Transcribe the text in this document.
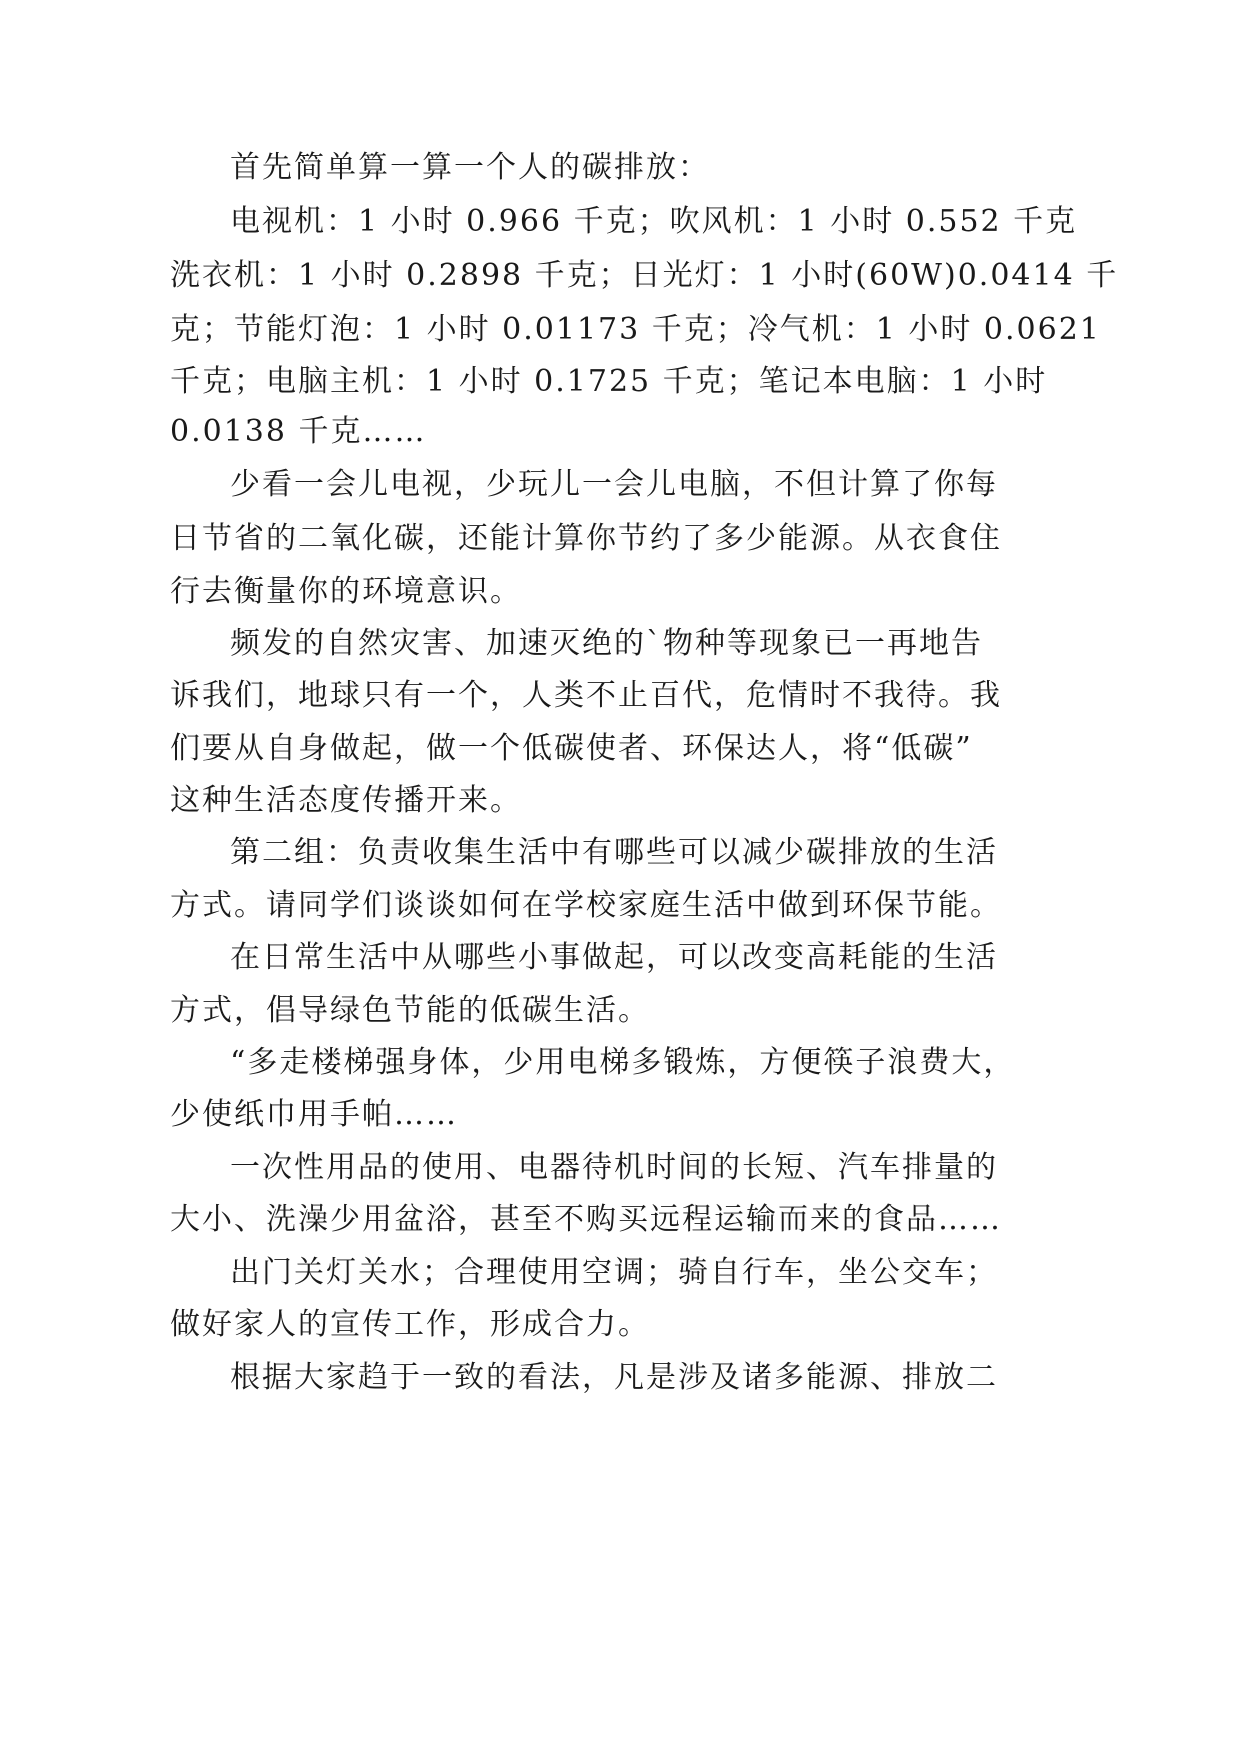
首先简单算一算一个人的碳排放：
电视机：1 小时 0.966 千克；吹风机：1 小时 0.552 千克
洗衣机：1 小时 0.2898 千克；日光灯：1 小时(60W)0.0414 千
克；节能灯泡：1 小时 0.01173 千克；冷气机：1 小时 0.0621
千克；电脑主机：1 小时 0.1725 千克；笔记本电脑：1 小时
0.0138 千克……
少看一会儿电视，少玩儿一会儿电脑，不但计算了你每
日节省的二氧化碳，还能计算你节约了多少能源。从衣食住
行去衡量你的环境意识。
频发的自然灾害、加速灭绝的`物种等现象已一再地告
诉我们，地球只有一个，人类不止百代，危情时不我待。我
们要从自身做起，做一个低碳使者、环保达人，将“低碳”
这种生活态度传播开来。
第二组：负责收集生活中有哪些可以减少碳排放的生活
方式。请同学们谈谈如何在学校家庭生活中做到环保节能。
在日常生活中从哪些小事做起，可以改变高耗能的生活
方式，倡导绿色节能的低碳生活。
“多走楼梯强身体，少用电梯多锻炼，方便筷子浪费大，
少使纸巾用手帕……
一次性用品的使用、电器待机时间的长短、汽车排量的
大小、洗澡少用盆浴，甚至不购买远程运输而来的食品……
出门关灯关水；合理使用空调；骑自行车，坐公交车；
做好家人的宣传工作，形成合力。
根据大家趋于一致的看法，凡是涉及诸多能源、排放二
